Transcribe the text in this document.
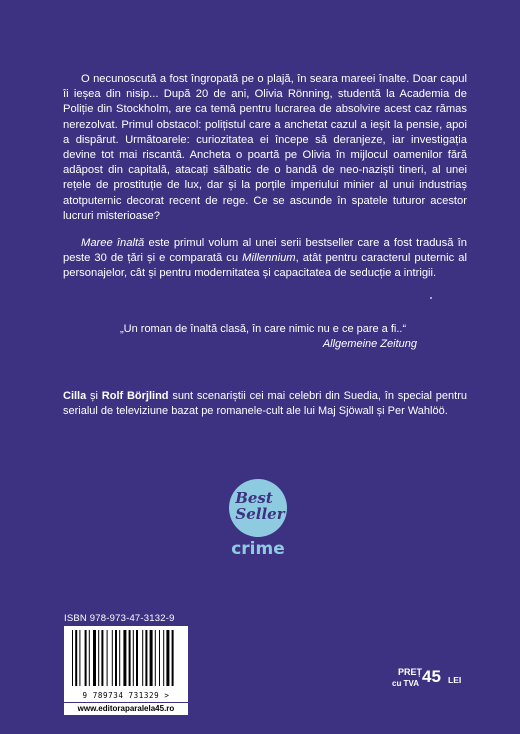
O necunoscută a fost îngropată pe o plajă, în seara mareei înalte. Doar capul îi ieșea din nisip... După 20 de ani, Olivia Rönning, studentă la Academia de Poliție din Stockholm, are ca temă pentru lucrarea de absolvire acest caz rămas nerezolvat. Primul obstacol: polițistul care a anchetat cazul a ieșit la pensie, apoi a dispărut. Următoarele: curiozitatea ei începe să deranjeze, iar investigația devine tot mai riscantă. Ancheta o poartă pe Olivia în mijlocul oamenilor fără adăpost din capitală, atacați sălbatic de o bandă de neo-naziști tineri, al unei rețele de prostituție de lux, dar și la porțile imperiului minier al unui industriaș atotputernic decorat recent de rege. Ce se ascunde în spatele tuturor acestor lucruri misterioase?

Maree înaltă este primul volum al unei serii bestseller care a fost tradusă în peste 30 de țări și e comparată cu Millennium, atât pentru caracterul puternic al personajelor, cât și pentru modernitatea și capacitatea de seducție a intrigii.

„Un roman de înaltă clasă, în care nimic nu e ce pare a fi..“
Allgemeine Zeitung
Cilla și Rolf Börjlind sunt scenariștii cei mai celebri din Suedia, în special pentru serialul de televiziune bazat pe romanele-cult ale lui Maj Sjöwall și Per Wahlöö.
Best
Seller
crime
ISBN 978-973-47-3132-9
9 789734 731329 >
www.editoraparalela45.ro
PREȚ
cu TVA 45 LEI
